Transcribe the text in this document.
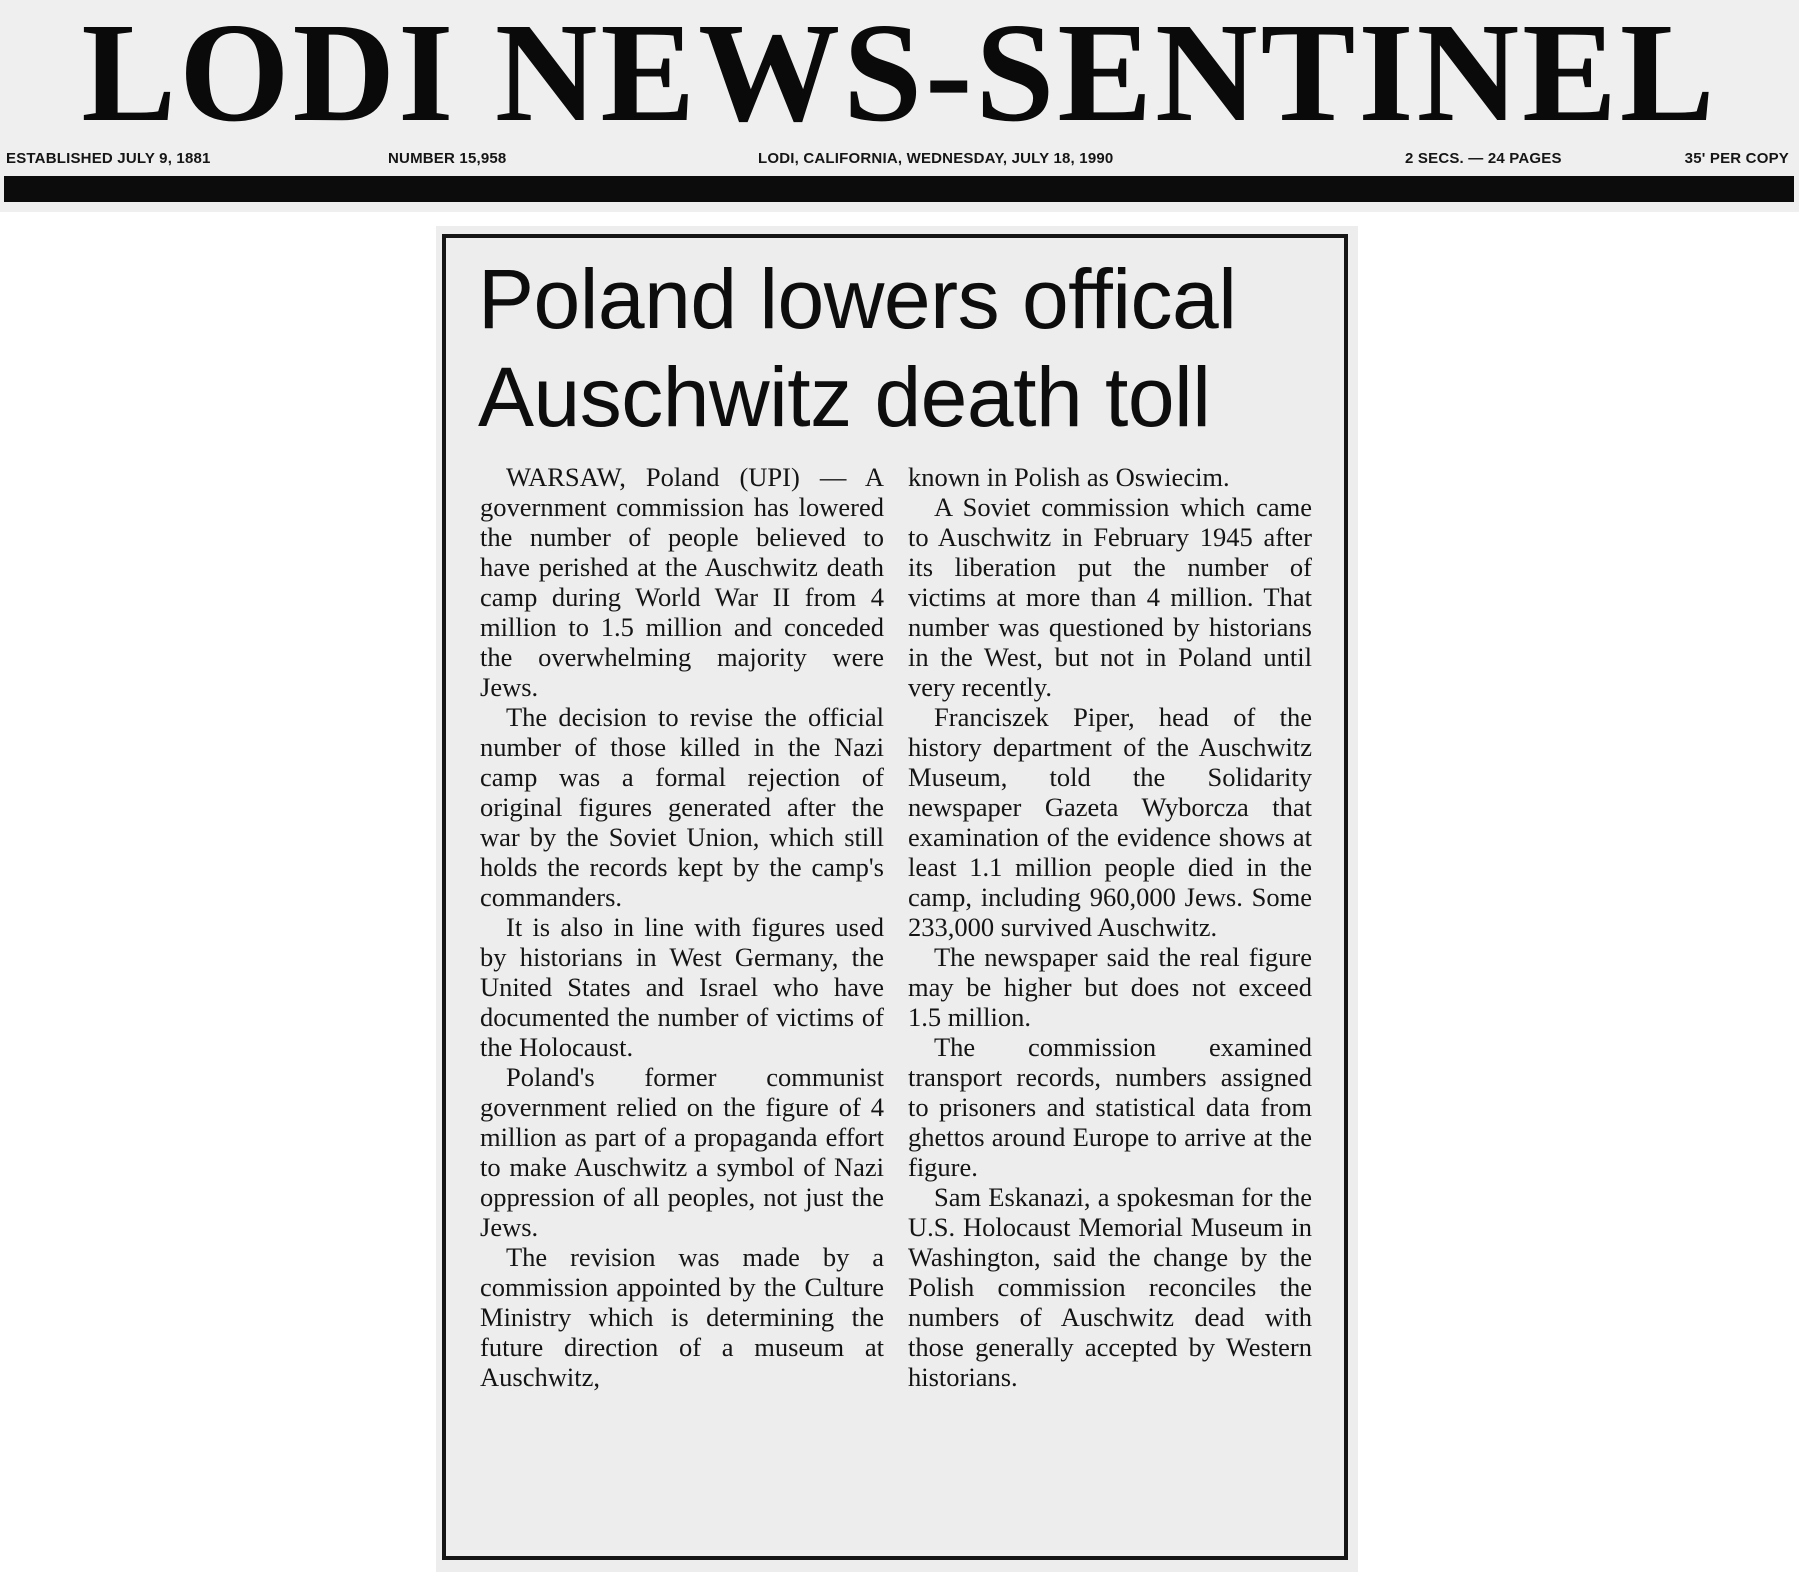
LODI NEWS-SENTINEL
ESTABLISHED JULY 9, 1881	NUMBER 15,958	LODI, CALIFORNIA, WEDNESDAY, JULY 18, 1990	2 SECS. — 24 PAGES	35' PER COPY
Poland lowers offical Auschwitz death toll

WARSAW, Poland (UPI) — A government commission has lowered the number of people believed to have perished at the Auschwitz death camp during World War II from 4 million to 1.5 million and conceded the overwhelming majority were Jews.

The decision to revise the official number of those killed in the Nazi camp was a formal rejection of original figures generated after the war by the Soviet Union, which still holds the records kept by the camp's commanders.

It is also in line with figures used by historians in West Germany, the United States and Israel who have documented the number of victims of the Holocaust.

Poland's former communist government relied on the figure of 4 million as part of a propaganda effort to make Auschwitz a symbol of Nazi oppression of all peoples, not just the Jews.

The revision was made by a commission appointed by the Culture Ministry which is determining the future direction of a museum at Auschwitz,

known in Polish as Oswiecim.

A Soviet commission which came to Auschwitz in February 1945 after its liberation put the number of victims at more than 4 million. That number was questioned by historians in the West, but not in Poland until very recently.

Franciszek Piper, head of the history department of the Auschwitz Museum, told the Solidarity newspaper Gazeta Wyborcza that examination of the evidence shows at least 1.1 million people died in the camp, including 960,000 Jews. Some 233,000 survived Auschwitz.

The newspaper said the real figure may be higher but does not exceed 1.5 million.

The commission examined transport records, numbers assigned to prisoners and statistical data from ghettos around Europe to arrive at the figure.

Sam Eskanazi, a spokesman for the U.S. Holocaust Memorial Museum in Washington, said the change by the Polish commission reconciles the numbers of Auschwitz dead with those generally accepted by Western historians.
